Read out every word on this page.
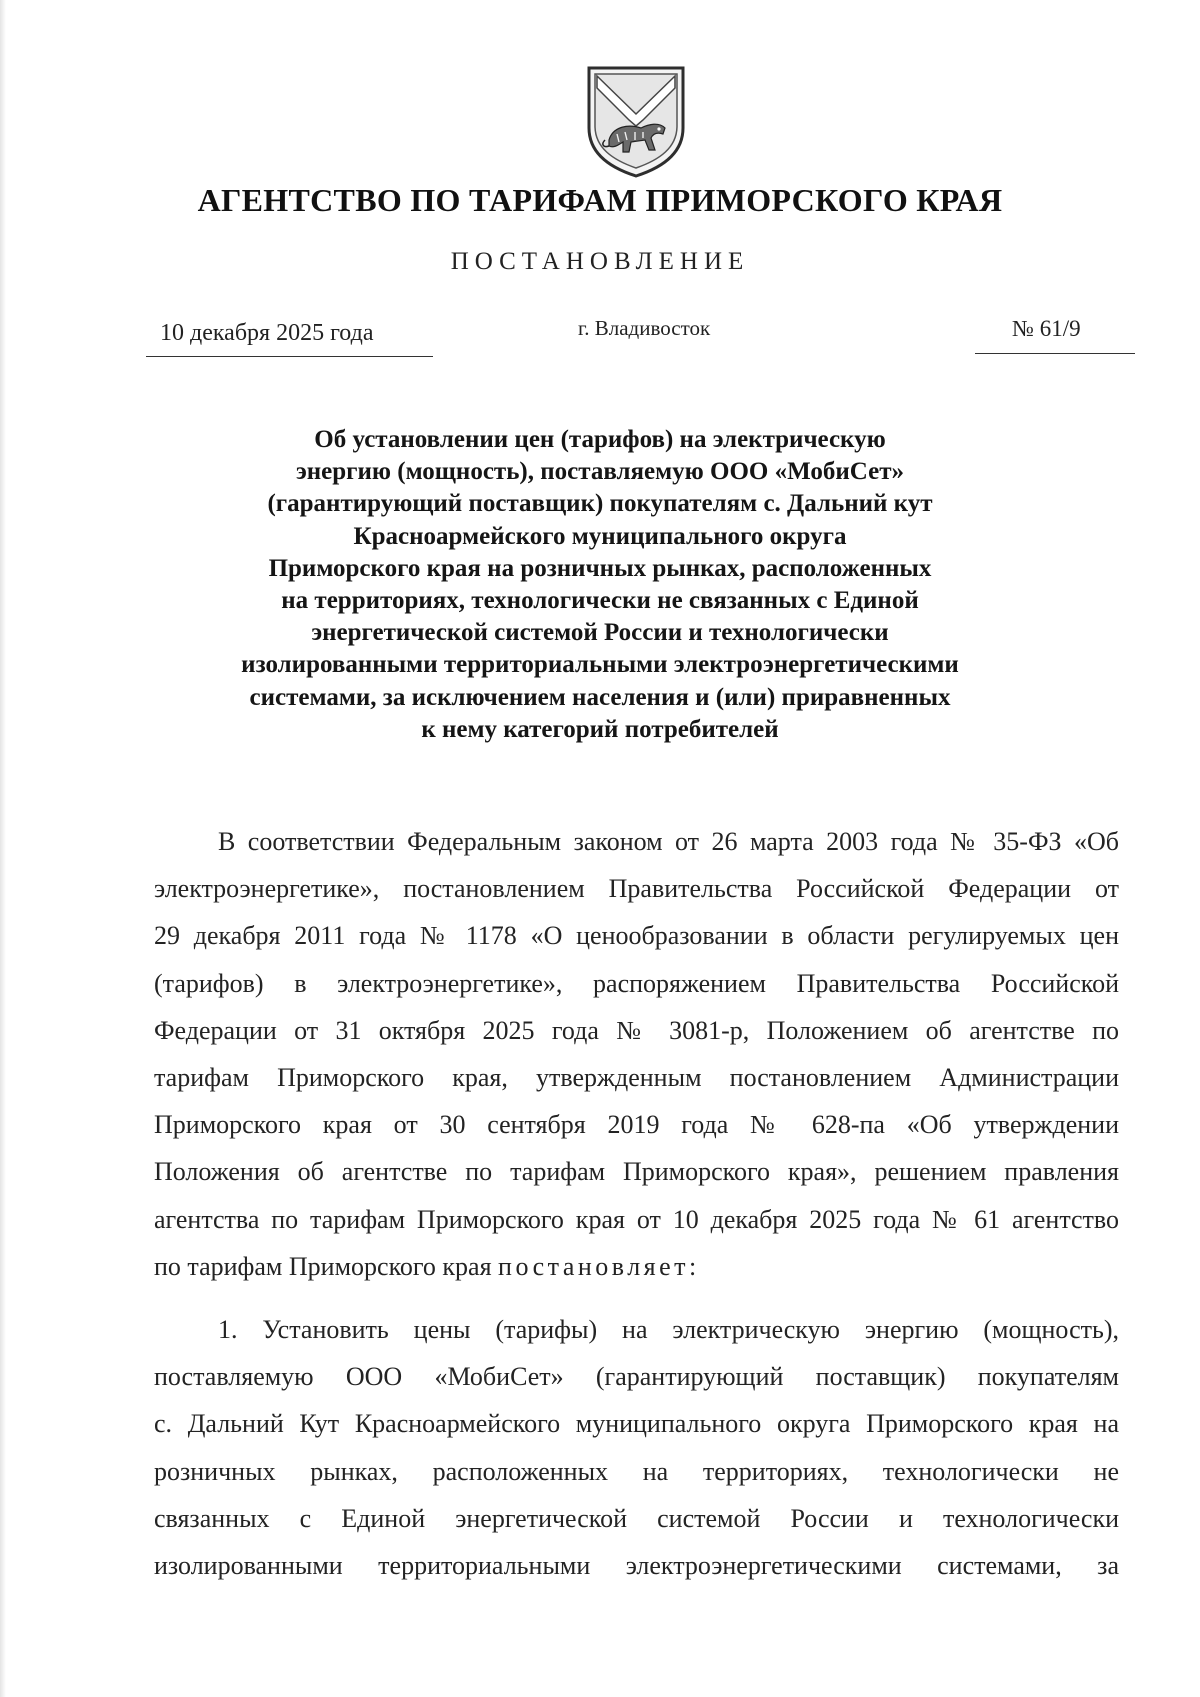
АГЕНТСТВО ПО ТАРИФАМ ПРИМОРСКОГО КРАЯ
ПОСТАНОВЛЕНИЕ
10 декабря 2025 года	г. Владивосток	№ 61/9
Об установлении цен (тарифов) на электрическую
энергию (мощность), поставляемую ООО «МобиСет»
(гарантирующий поставщик) покупателям с. Дальний кут
Красноармейского муниципального округа
Приморского края на розничных рынках, расположенных
на территориях, технологически не связанных с Единой
энергетической системой России и технологически
изолированными территориальными электроэнергетическими
системами, за исключением населения и (или) приравненных
к нему категорий потребителей
В соответствии Федеральным законом от 26 марта 2003 года № 35-ФЗ «Об
электроэнергетике», постановлением Правительства Российской Федерации от
29 декабря 2011 года № 1178 «О ценообразовании в области регулируемых цен
(тарифов) в электроэнергетике», распоряжением Правительства Российской
Федерации от 31 октября 2025 года № 3081-р, Положением об агентстве по
тарифам Приморского края, утвержденным постановлением Администрации
Приморского края от 30 сентября 2019 года № 628-па «Об утверждении
Положения об агентстве по тарифам Приморского края», решением правления
агентства по тарифам Приморского края от 10 декабря 2025 года № 61 агентство
по тарифам Приморского края постановляет:
1. Установить цены (тарифы) на электрическую энергию (мощность),
поставляемую ООО «МобиСет» (гарантирующий поставщик) покупателям
с. Дальний Кут Красноармейского муниципального округа Приморского края на
розничных рынках, расположенных на территориях, технологически не
связанных с Единой энергетической системой России и технологически
изолированными территориальными электроэнергетическими системами, за
